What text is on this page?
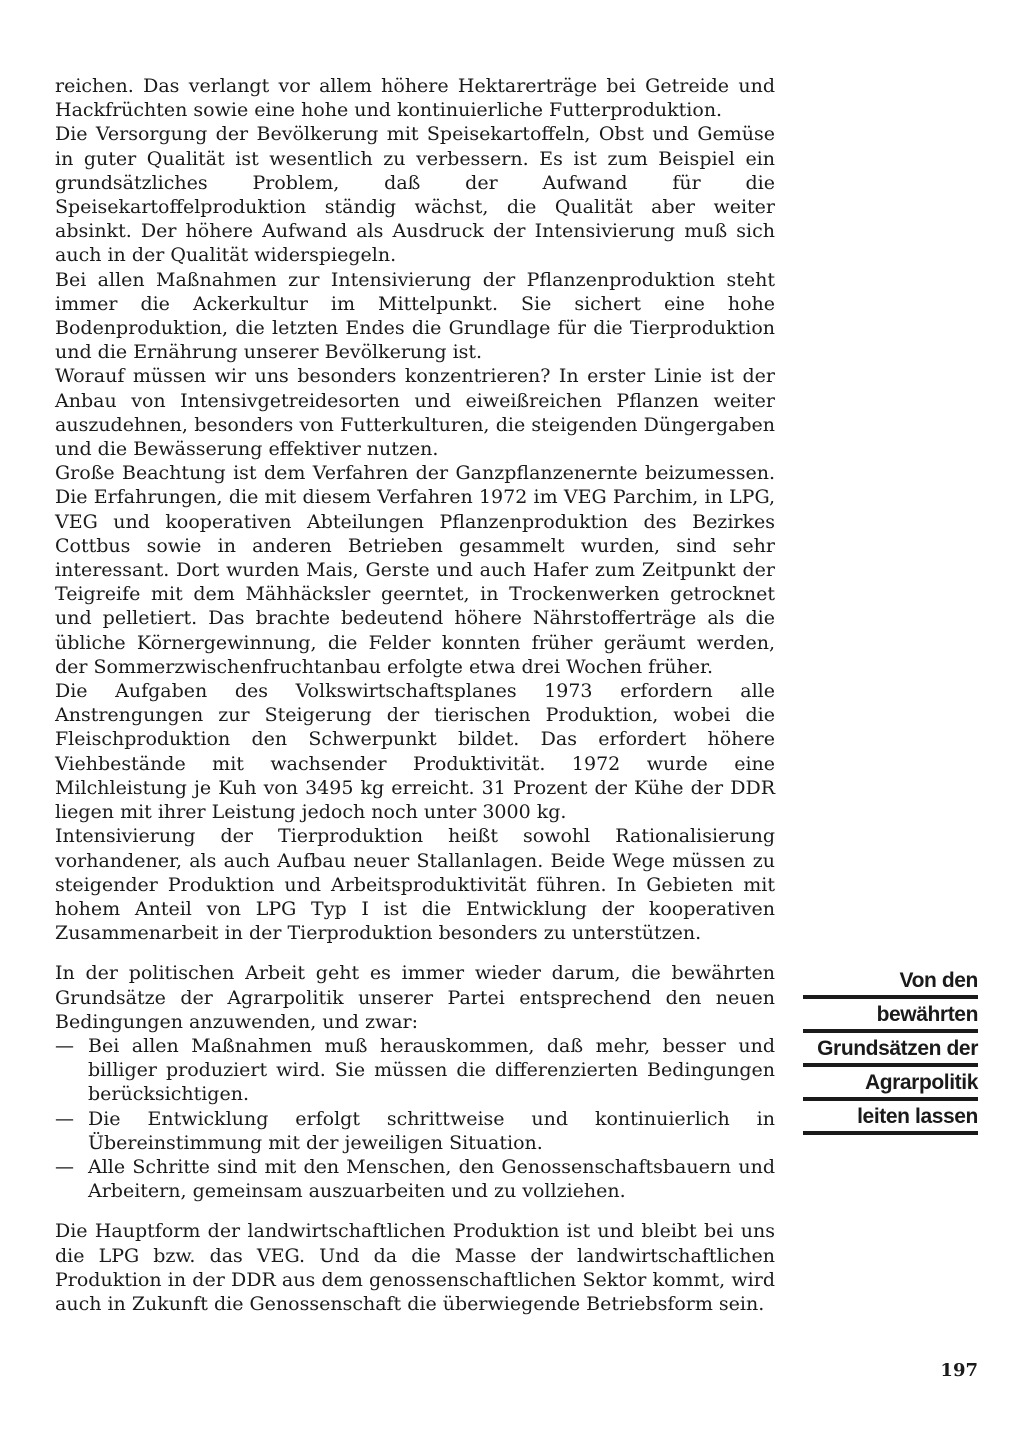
reichen. Das verlangt vor allem höhere Hektarerträge bei Getreide und Hackfrüchten sowie eine hohe und kontinuierliche Futterproduktion.

Die Versorgung der Bevölkerung mit Speisekartoffeln, Obst und Gemüse in guter Qualität ist wesentlich zu verbessern. Es ist zum Beispiel ein grundsätzliches Problem, daß der Aufwand für die Speisekartoffelproduktion ständig wächst, die Qualität aber weiter absinkt. Der höhere Aufwand als Ausdruck der Intensivierung muß sich auch in der Qualität widerspiegeln.

Bei allen Maßnahmen zur Intensivierung der Pflanzenproduktion steht immer die Ackerkultur im Mittelpunkt. Sie sichert eine hohe Bodenproduktion, die letzten Endes die Grundlage für die Tierproduktion und die Ernährung unserer Bevölkerung ist.

Worauf müssen wir uns besonders konzentrieren? In erster Linie ist der Anbau von Intensivgetreidesorten und eiweißreichen Pflanzen weiter auszudehnen, besonders von Futterkulturen, die steigenden Düngergaben und die Bewässerung effektiver nutzen.

Große Beachtung ist dem Verfahren der Ganzpflanzenernte beizumessen. Die Erfahrungen, die mit diesem Verfahren 1972 im VEG Parchim, in LPG, VEG und kooperativen Abteilungen Pflanzenproduktion des Bezirkes Cottbus sowie in anderen Betrieben gesammelt wurden, sind sehr interessant. Dort wurden Mais, Gerste und auch Hafer zum Zeitpunkt der Teigreife mit dem Mähhäcksler geerntet, in Trockenwerken getrocknet und pelletiert. Das brachte bedeutend höhere Nährstofferträge als die übliche Körnergewinnung, die Felder konnten früher geräumt werden, der Sommerzwischenfruchtanbau erfolgte etwa drei Wochen früher.

Die Aufgaben des Volkswirtschaftsplanes 1973 erfordern alle Anstrengungen zur Steigerung der tierischen Produktion, wobei die Fleischproduktion den Schwerpunkt bildet. Das erfordert höhere Viehbestände mit wachsender Produktivität. 1972 wurde eine Milchleistung je Kuh von 3495 kg erreicht. 31 Prozent der Kühe der DDR liegen mit ihrer Leistung jedoch noch unter 3000 kg.

Intensivierung der Tierproduktion heißt sowohl Rationalisierung vorhandener, als auch Aufbau neuer Stallanlagen. Beide Wege müssen zu steigender Produktion und Arbeitsproduktivität führen. In Gebieten mit hohem Anteil von LPG Typ I ist die Entwicklung der kooperativen Zusammenarbeit in der Tierproduktion besonders zu unterstützen.

In der politischen Arbeit geht es immer wieder darum, die bewährten Grundsätze der Agrarpolitik unserer Partei entsprechend den neuen Bedingungen anzuwenden, und zwar:

— Bei allen Maßnahmen muß herauskommen, daß mehr, besser und billiger produziert wird. Sie müssen die differenzierten Bedingungen berücksichtigen.
— Die Entwicklung erfolgt schrittweise und kontinuierlich in Übereinstimmung mit der jeweiligen Situation.
— Alle Schritte sind mit den Menschen, den Genossenschaftsbauern und Arbeitern, gemeinsam auszuarbeiten und zu vollziehen.

Die Hauptform der landwirtschaftlichen Produktion ist und bleibt bei uns die LPG bzw. das VEG. Und da die Masse der landwirtschaftlichen Produktion in der DDR aus dem genossenschaftlichen Sektor kommt, wird auch in Zukunft die Genossenschaft die überwiegende Betriebsform sein.

Von den
bewährten
Grundsätzen der
Agrarpolitik
leiten lassen
197
